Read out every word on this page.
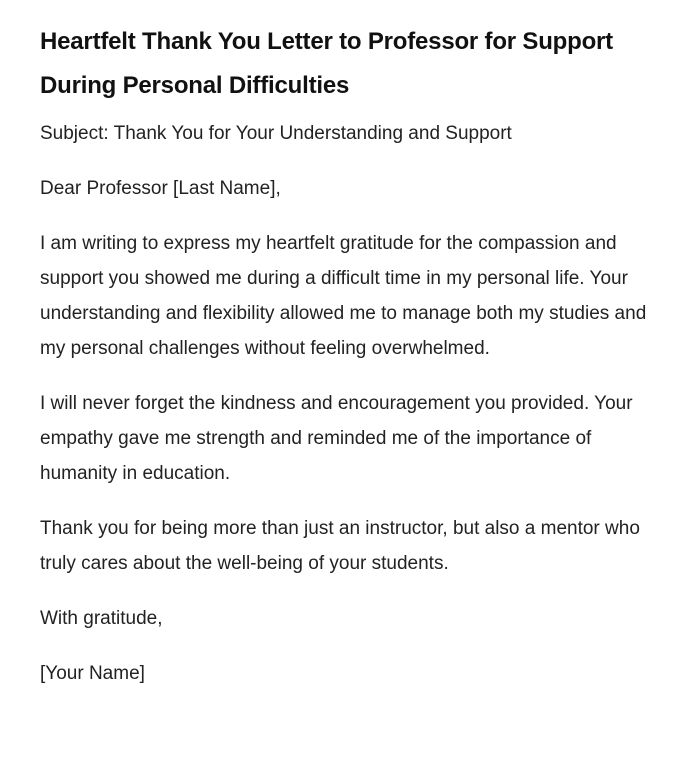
Heartfelt Thank You Letter to Professor for Support During Personal Difficulties

Subject: Thank You for Your Understanding and Support

Dear Professor [Last Name],

I am writing to express my heartfelt gratitude for the compassion and support you showed me during a difficult time in my personal life. Your understanding and flexibility allowed me to manage both my studies and my personal challenges without feeling overwhelmed.

I will never forget the kindness and encouragement you provided. Your empathy gave me strength and reminded me of the importance of humanity in education.

Thank you for being more than just an instructor, but also a mentor who truly cares about the well-being of your students.

With gratitude,

[Your Name]
